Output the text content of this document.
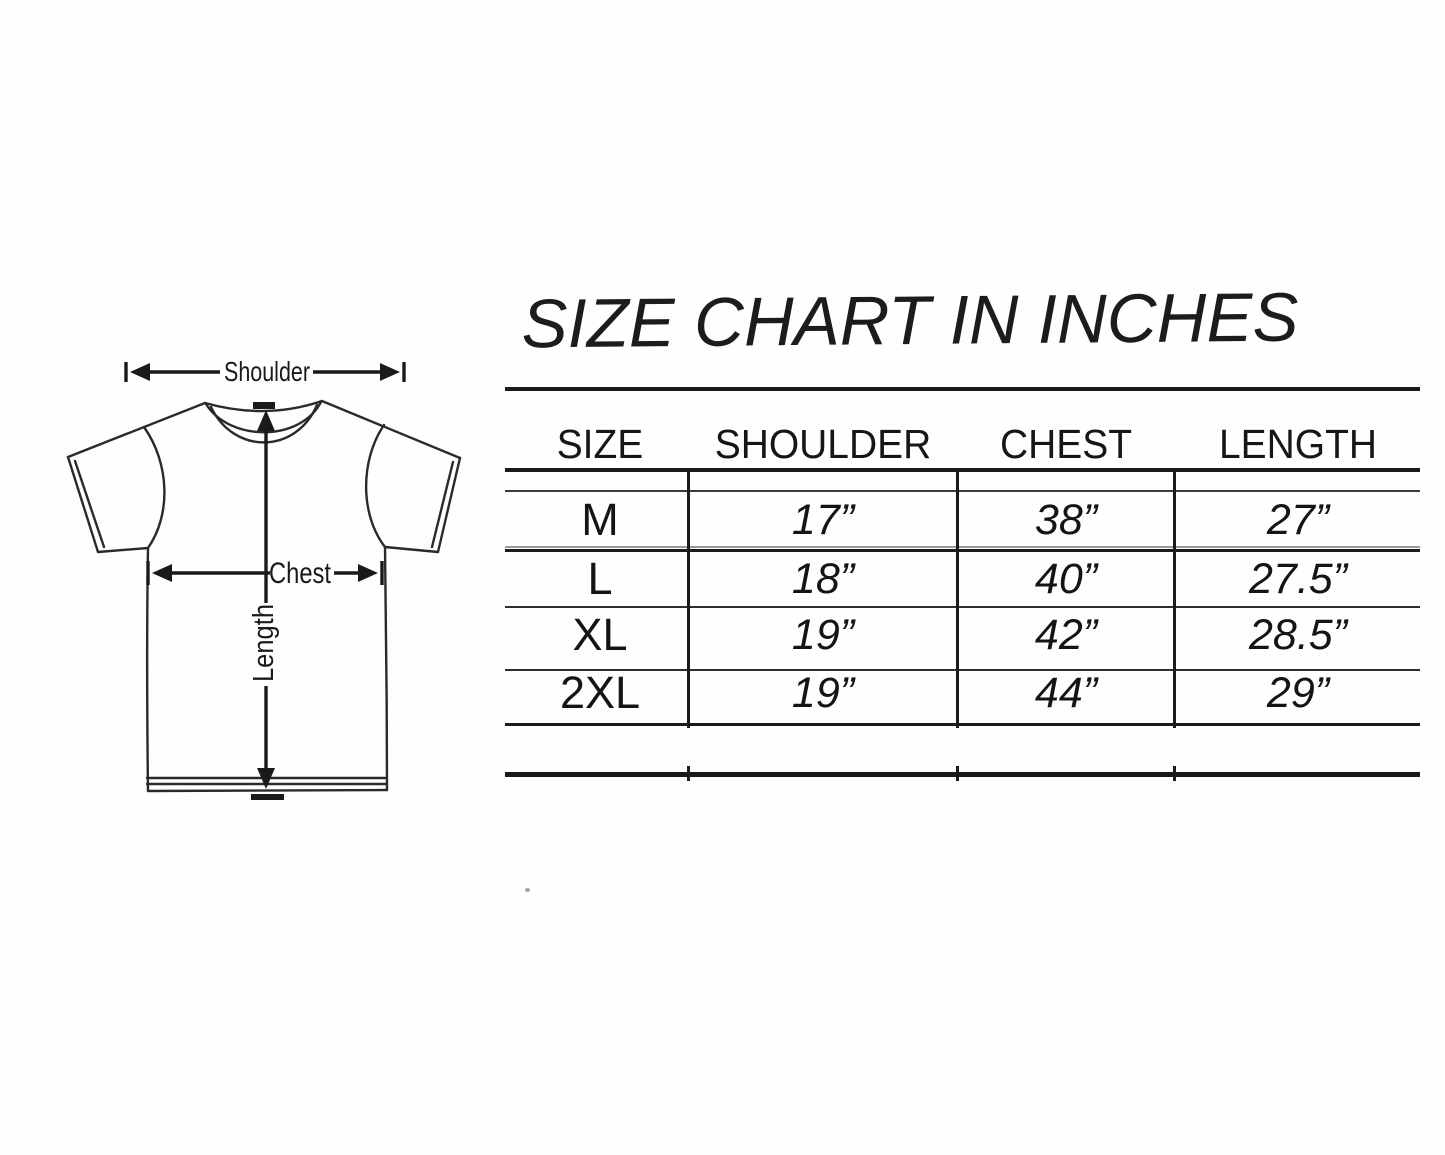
SIZE CHART IN INCHES
Shoulder
Chest
Length
SIZE	SHOULDER	CHEST	LENGTH
M	17”	38”	27”
L	18”	40”	27.5”
XL	19”	42”	28.5”
2XL	19”	44”	29”
